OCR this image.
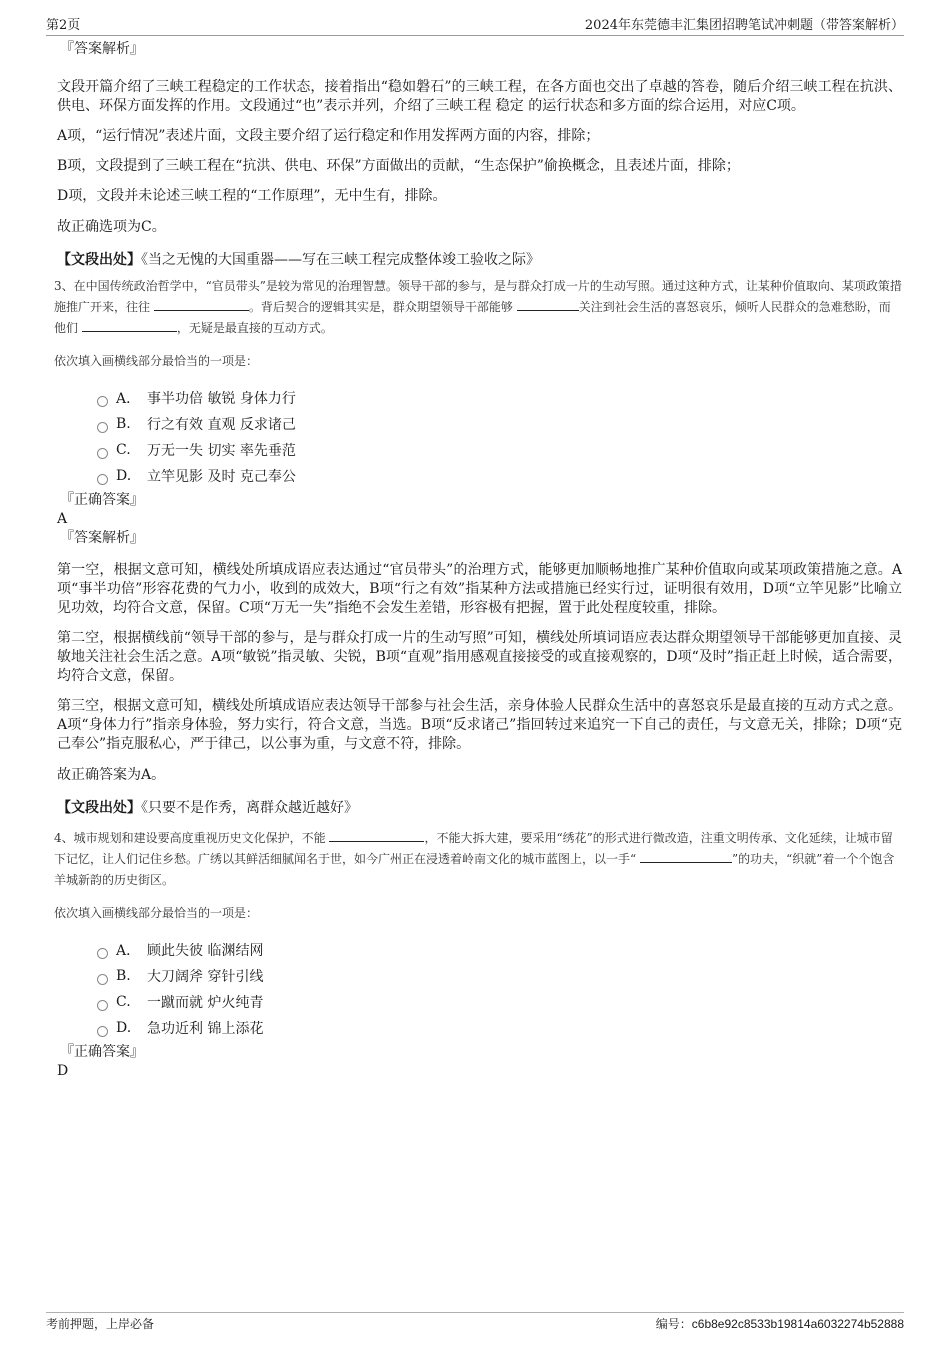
第2页	2024年东莞德丰汇集团招聘笔试冲刺题（带答案解析）
『答案解析』

文段开篇介绍了三峡工程稳定的工作状态，接着指出“稳如磐石”的三峡工程，在各方面也交出了卓越的答卷，随后介绍三峡工程在抗洪、供电、环保方面发挥的作用。文段通过“也”表示并列，介绍了三峡工程 稳定 的运行状态和多方面的综合运用，对应C项。

A项，“运行情况”表述片面，文段主要介绍了运行稳定和作用发挥两方面的内容，排除；

B项，文段提到了三峡工程在“抗洪、供电、环保”方面做出的贡献，“生态保护”偷换概念，且表述片面，排除；

D项，文段并未论述三峡工程的“工作原理”，无中生有，排除。

故正确选项为C。

【文段出处】《当之无愧的大国重器——写在三峡工程完成整体竣工验收之际》

3、在中国传统政治哲学中，“官员带头”是较为常见的治理智慧。领导干部的参与，是与群众打成一片的生动写照。通过这种方式，让某种价值取向、某项政策措施推广开来，往往	。背后契合的逻辑其实是，群众期望领导干部能够	关注到社会生活的喜怒哀乐，倾听人民群众的急难愁盼，而他们	，无疑是最直接的互动方式。

依次填入画横线部分最恰当的一项是：

A． 事半功倍 敏锐 身体力行
B.	行之有效 直观 反求诸己
C.	万无一失 切实 率先垂范
D.	立竿见影 及时 克己奉公
『正确答案』
A
『答案解析』

第一空，根据文意可知，横线处所填成语应表达通过“官员带头”的治理方式，能够更加顺畅地推广某种价值取向或某项政策措施之意。A项“事半功倍”形容花费的气力小，收到的成效大，B项“行之有效”指某种方法或措施已经实行过，证明很有效用，D项“立竿见影”比喻立见功效，均符合文意，保留。C项“万无一失”指绝不会发生差错，形容极有把握，置于此处程度较重，排除。

第二空，根据横线前“领导干部的参与，是与群众打成一片的生动写照”可知，横线处所填词语应表达群众期望领导干部能够更加直接、灵敏地关注社会生活之意。A项“敏锐”指灵敏、尖锐，B项“直观”指用感观直接接受的或直接观察的，D项“及时”指正赶上时候，适合需要，均符合文意，保留。

第三空，根据文意可知，横线处所填成语应表达领导干部参与社会生活，亲身体验人民群众生活中的喜怒哀乐是最直接的互动方式之意。A项“身体力行”指亲身体验，努力实行，符合文意，当选。B项“反求诸己”指回转过来追究一下自己的责任，与文意无关，排除；D项“克己奉公”指克服私心，严于律己，以公事为重，与文意不符，排除。

故正确答案为A。

【文段出处】《只要不是作秀，离群众越近越好》

4、城市规划和建设要高度重视历史文化保护，不能	，不能大拆大建，要采用“绣花”的形式进行微改造，注重文明传承、文化延续，让城市留下记忆，让人们记住乡愁。广绣以其鲜活细腻闻名于世，如今广州正在浸透着岭南文化的城市蓝图上，以一手“	”的功夫，“织就”着一个个饱含羊城新韵的历史街区。

依次填入画横线部分最恰当的一项是：

A． 顾此失彼 临渊结网
B.	大刀阔斧 穿针引线
C.	一蹴而就 炉火纯青
D.	急功近利 锦上添花
『正确答案』
D
考前押题，上岸必备	编号：c6b8e92c8533b19814a6032274b52888
